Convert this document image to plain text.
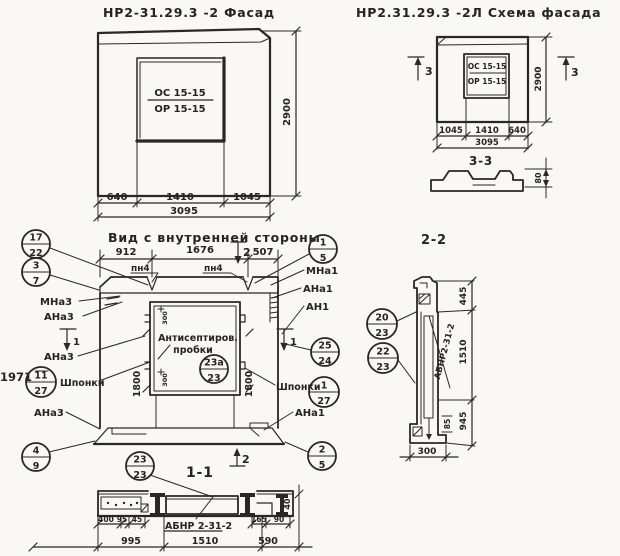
НР2-31.29.3 -2 Фасад
ОС 15-15
ОР 15-15	2900
640	1410	1045
3095
НР2.31.29.3 -2Л Схема фасада
ОС 15-15
ОР 15-15
3	3
2900
1045 1410 640
3095
3-3
80
Вид с внутренней стороны
912	1676	507
2
пн4	пн4
300
300
Антисептиров.
пробки
1800	1800
1	1
МНа3
АНа3
АНа3
Шпонки
АНа3
1971
МНа1
АНа1
АН1
Шпонки
АНа1
2
2-2
АБНР2-31-2
445
1510
945
85
300
1-1
АБНР 2-31-2
40
400 95 45	165 90
995	1510	590
17
22
3
7
1
5
25
24
11
27	1
27
23а
23
20
23
22
23
4
9
2
5
23
23
